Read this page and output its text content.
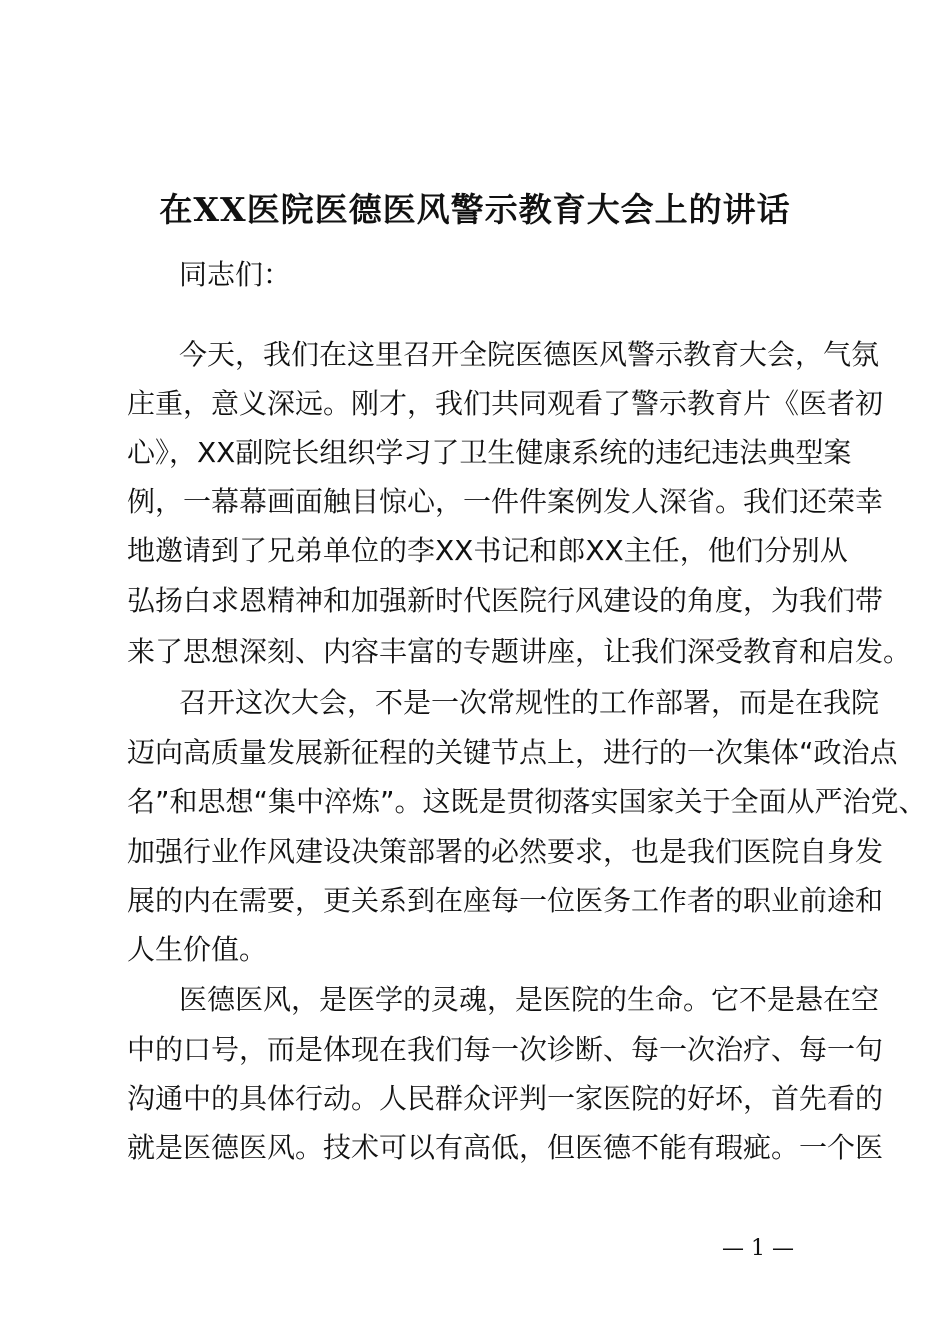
在XX医院医德医风警示教育大会上的讲话
同志们：
今天，我们在这里召开全院医德医风警示教育大会，气氛
庄重，意义深远。刚才，我们共同观看了警示教育片《医者初
心》，XX副院长组织学习了卫生健康系统的违纪违法典型案
例，一幕幕画面触目惊心，一件件案例发人深省。我们还荣幸
地邀请到了兄弟单位的李XX书记和郎XX主任，他们分别从
弘扬白求恩精神和加强新时代医院行风建设的角度，为我们带
来了思想深刻、内容丰富的专题讲座，让我们深受教育和启发。
召开这次大会，不是一次常规性的工作部署，而是在我院
迈向高质量发展新征程的关键节点上，进行的一次集体“政治点
名”和思想“集中淬炼”。这既是贯彻落实国家关于全面从严治党、
加强行业作风建设决策部署的必然要求，也是我们医院自身发
展的内在需要，更关系到在座每一位医务工作者的职业前途和
人生价值。
医德医风，是医学的灵魂，是医院的生命。它不是悬在空
中的口号，而是体现在我们每一次诊断、每一次治疗、每一句
沟通中的具体行动。人民群众评判一家医院的好坏，首先看的
就是医德医风。技术可以有高低，但医德不能有瑕疵。一个医
— 1 —
